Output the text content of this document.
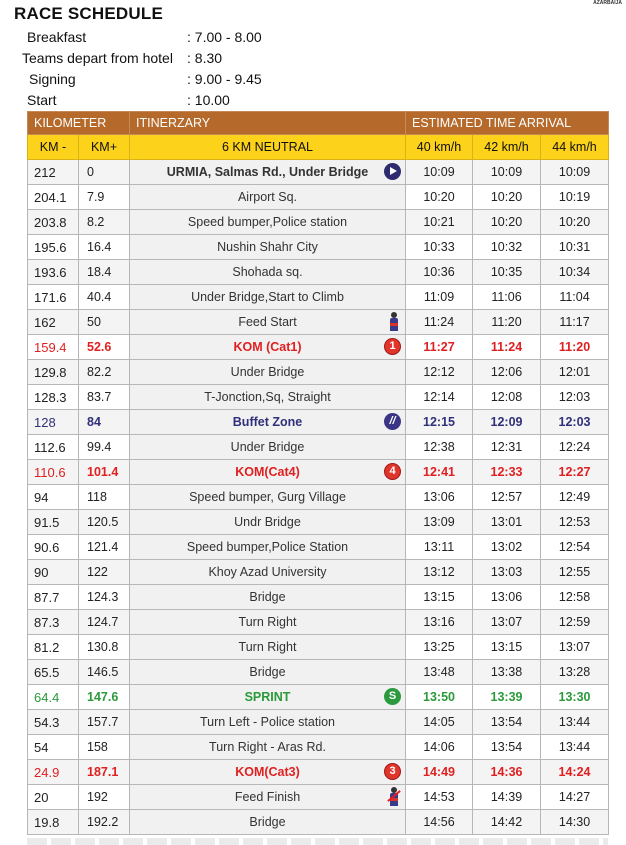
AZARBAIJA
RACE SCHEDULE
Breakfast	: 7.00 - 8.00
Teams depart from hotel : 8.30
Signing	: 9.00 - 9.45
Start	: 10.00
KILOMETER		ITINERZARY	ESTIMATED TIME ARRIVAL		
KM -	KM+	6 KM NEUTRAL	40 km/h	42 km/h	44 km/h
212	0	URMIA, Salmas Rd., Under Bridge	10:09	10:09	10:09
204.1	7.9	Airport Sq.	10:20	10:20	10:19
203.8	8.2	Speed bumper,Police station	10:21	10:20	10:20
195.6	16.4	Nushin Shahr City	10:33	10:32	10:31
193.6	18.4	Shohada sq.	10:36	10:35	10:34
171.6	40.4	Under Bridge,Start to Climb	11:09	11:06	11:04
162	50	Feed Start	11:24	11:20	11:17
159.4	52.6	KOM (Cat1) 1	11:27	11:24	11:20
129.8	82.2	Under Bridge	12:12	12:06	12:01
128.3	83.7	T-Jonction,Sq, Straight	12:14	12:08	12:03
128	84	Buffet Zone //	12:15	12:09	12:03
112.6	99.4	Under Bridge	12:38	12:31	12:24
110.6	101.4	KOM(Cat4) 4	12:41	12:33	12:27
94	118	Speed bumper, Gurg Village	13:06	12:57	12:49
91.5	120.5	Undr Bridge	13:09	13:01	12:53
90.6	121.4	Speed bumper,Police Station	13:11	13:02	12:54
90	122	Khoy Azad University	13:12	13:03	12:55
87.7	124.3	Bridge	13:15	13:06	12:58
87.3	124.7	Turn Right	13:16	13:07	12:59
81.2	130.8	Turn Right	13:25	13:15	13:07
65.5	146.5	Bridge	13:48	13:38	13:28
64.4	147.6	SPRINT S	13:50	13:39	13:30
54.3	157.7	Turn Left - Police station	14:05	13:54	13:44
54	158	Turn Right - Aras Rd.	14:06	13:54	13:44
24.9	187.1	KOM(Cat3) 3	14:49	14:36	14:24
20	192	Feed Finish	14:53	14:39	14:27
19.8	192.2	Bridge	14:56	14:42	14:30
